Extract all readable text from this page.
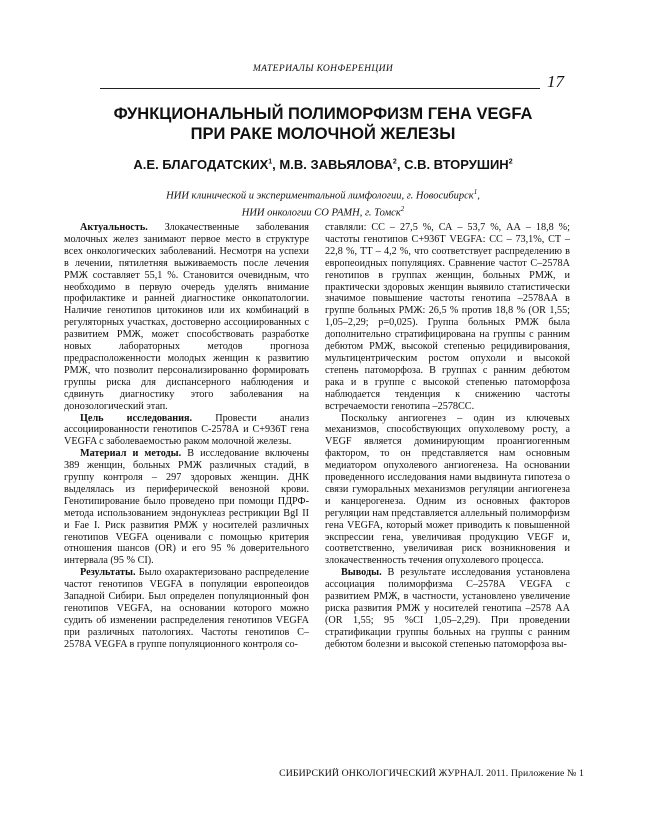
МАТЕРИАЛЫ КОНФЕРЕНЦИИ
17
ФУНКЦИОНАЛЬНЫЙ ПОЛИМОРФИЗМ ГЕНА VEGFA
ПРИ РАКЕ МОЛОЧНОЙ ЖЕЛЕЗЫ
А.Е. БЛАГОДАТСКИХ$^1$, М.В. ЗАВЬЯЛОВА$^2$, С.В. ВТОРУШИН$^2$
НИИ клинической и экспериментальной лимфологии, г. Новосибирск$^1$,
НИИ онкологии СО РАМН, г. Томск$^2$

Актуальность. Злокачественные заболевания молочных желез занимают первое место в структуре всех онкологических заболеваний. Несмотря на успехи в лечении, пятилетняя выживаемость после лечения РМЖ составляет 55,1 %. Становится очевидным, что необходимо в первую очередь уделять внимание профилактике и ранней диагностике онкопатологии. Наличие генотипов цитокинов или их комбинаций в регуляторных участках, достоверно ассоциированных с развитием РМЖ, может способствовать разработке новых лабораторных методов прогноза предрасположенности молодых женщин к развитию РМЖ, что позволит персонализированно формировать группы риска для диспансерного наблюдения и сдвинуть диагностику этого заболевания на донозологический этап.

Цель исследования. Провести анализ ассоциированности генотипов С-2578А и С+936Т гена VEGFA с заболеваемостью раком молочной железы.

Материал и методы. В исследование включены 389 женщин, больных РМЖ различных стадий, в группу контроля – 297 здоровых женщин. ДНК выделялась из периферической венозной крови. Генотипирование было проведено при помощи ПДРФ-метода использованием эндонуклеаз рестрикции BgI II и Fae I. Риск развития РМЖ у носителей различных генотипов VEGFA оценивали с помощью критерия отношения шансов (OR) и его 95 % доверительного интервала (95 % CI).

Результаты. Было охарактеризовано распределение частот генотипов VEGFA в популяции европеоидов Западной Сибири. Был определен популяционный фон генотипов VEGFA, на основании которого можно судить об изменении распределения генотипов VEGFA при различных патологиях. Частоты генотипов С–2578А VEGFA в группе популяционного контроля со-

ставляли: СС – 27,5 %, СА – 53,7 %, АА – 18,8 %; частоты генотипов С+936Т VEGFA: СС – 73,1%, СТ – 22,8 %, ТТ – 4,2 %, что соответствует распределению в европеоидных популяциях. Сравнение частот С–2578А генотипов в группах женщин, больных РМЖ, и практически здоровых женщин выявило статистически значимое повышение частоты генотипа –2578АА в группе больных РМЖ: 26,5 % против 18,8 % (OR 1,55; 1,05–2,29; р=0,025). Группа больных РМЖ была дополнительно стратифицирована на группы с ранним дебютом РМЖ, высокой степенью рецидивирования, мультицентрическим ростом опухоли и высокой степень патоморфоза. В группах с ранним дебютом рака и в группе с высокой степенью патоморфоза наблюдается тенденция к снижению частоты встречаемости генотипа –2578СС.

Поскольку ангиогенез – один из ключевых механизмов, способствующих опухолевому росту, а VEGF является доминирующим проангиогенным фактором, то он представляется нам основным медиатором опухолевого ангиогенеза. На основании проведенного исследования нами выдвинута гипотеза о связи гуморальных механизмов регуляции ангиогенеза и канцерогенеза. Одним из основных факторов регуляции нам представляется аллельный полиморфизм гена VEGFA, который может приводить к повышенной экспрессии гена, увеличивая продукцию VEGF и, соответственно, увеличивая риск возникновения и злокачественность течения опухолевого процесса.

Выводы. В результате исследования установлена ассоциация полиморфизма С–2578А VEGFA с развитием РМЖ, в частности, установлено увеличение риска развития РМЖ у носителей генотипа –2578 АА (OR 1,55; 95 %CI 1,05–2,29). При проведении стратификации группы больных на группы с ранним дебютом болезни и высокой степенью патоморфоза вы-

СИБИРСКИЙ ОНКОЛОГИЧЕСКИЙ ЖУРНАЛ. 2011. Приложение № 1
